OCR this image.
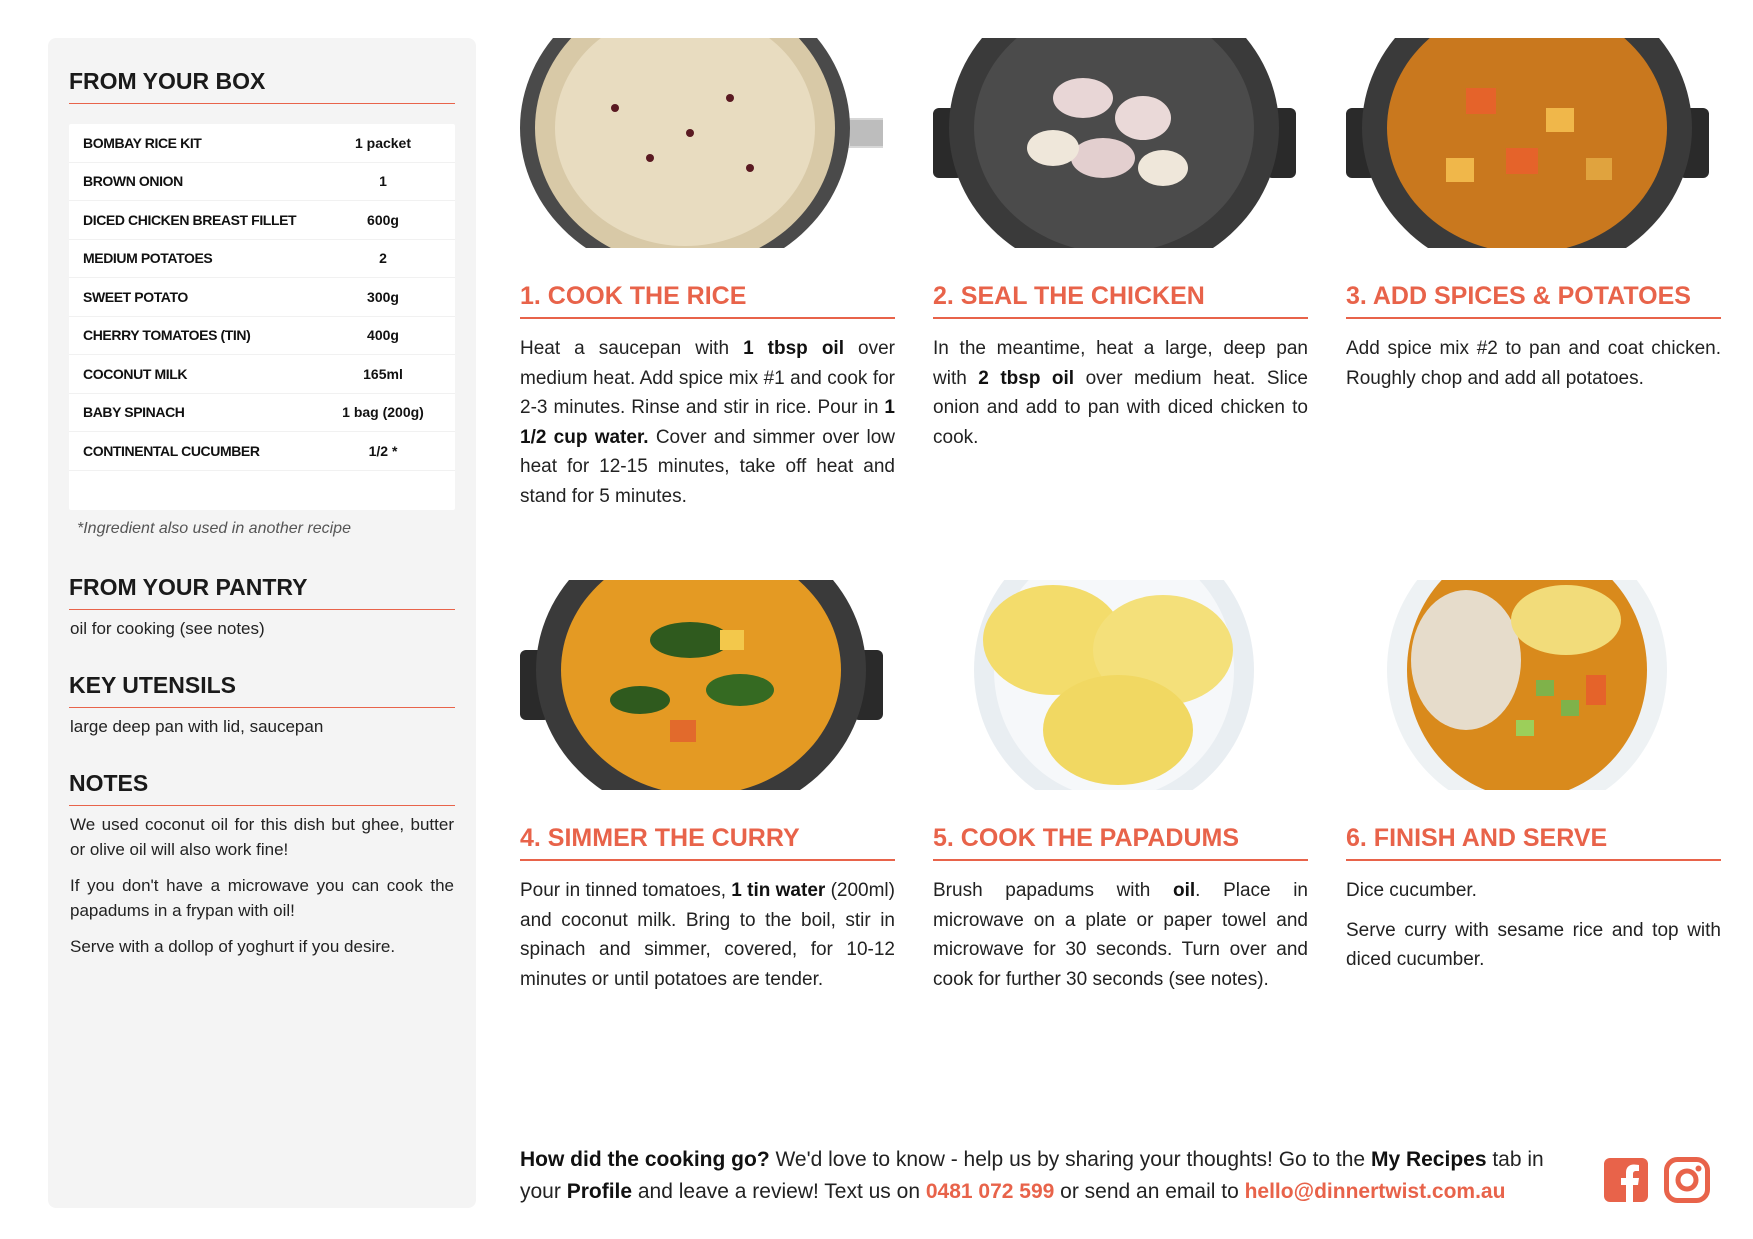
FROM YOUR BOX
BOMBAY RICE KIT	1 packet
BROWN ONION	1
DICED CHICKEN BREAST FILLET	600g
MEDIUM POTATOES	2
SWEET POTATO	300g
CHERRY TOMATOES (TIN)	400g
COCONUT MILK	165ml
BABY SPINACH	1 bag (200g)
CONTINENTAL CUCUMBER	1/2 *
*Ingredient also used in another recipe
FROM YOUR PANTRY
oil for cooking (see notes)
KEY UTENSILS
large deep pan with lid, saucepan
NOTES
We used coconut oil for this dish but ghee, butter or olive oil will also work fine!
If you don't have a microwave you can cook the papadums in a frypan with oil!
Serve with a dollop of yoghurt if you desire.
1. COOK THE RICE
Heat a saucepan with 1 tbsp oil over medium heat. Add spice mix #1 and cook for 2-3 minutes. Rinse and stir in rice. Pour in 1 1/2 cup water. Cover and simmer over low heat for 12-15 minutes, take off heat and stand for 5 minutes.
2. SEAL THE CHICKEN
In the meantime, heat a large, deep pan with 2 tbsp oil over medium heat. Slice onion and add to pan with diced chicken to cook.
3. ADD SPICES & POTATOES
Add spice mix #2 to pan and coat chicken. Roughly chop and add all potatoes.
4. SIMMER THE CURRY
Pour in tinned tomatoes, 1 tin water (200ml) and coconut milk. Bring to the boil, stir in spinach and simmer, covered, for 10-12 minutes or until potatoes are tender.
5. COOK THE PAPADUMS
Brush papadums with oil. Place in microwave on a plate or paper towel and microwave for 30 seconds. Turn over and cook for further 30 seconds (see notes).
6. FINISH AND SERVE
Dice cucumber.
Serve curry with sesame rice and top with diced cucumber.
How did the cooking go? We'd love to know - help us by sharing your thoughts! Go to the My Recipes tab in your Profile and leave a review! Text us on 0481 072 599 or send an email to hello@dinnertwist.com.au
